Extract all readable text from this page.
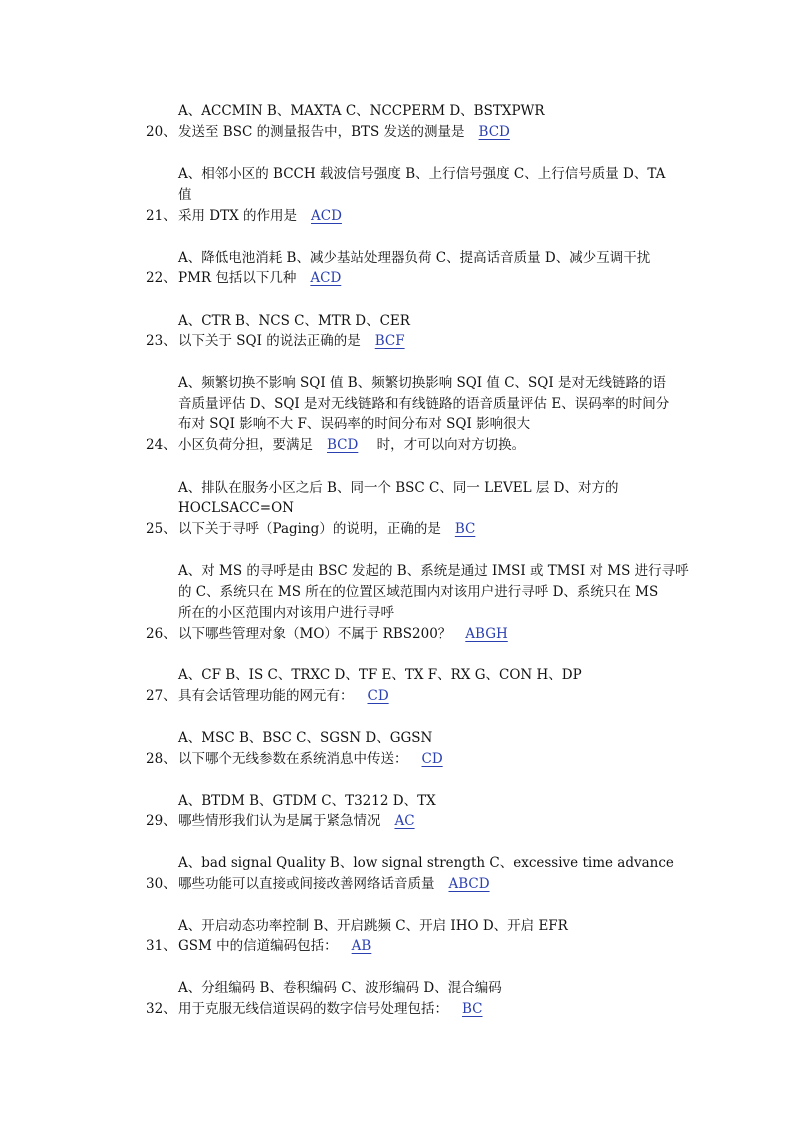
A、ACCMIN B、MAXTA C、NCCPERM D、BSTXPWR
20、 发送至 BSC 的测量报告中，BTS 发送的测量是 BCD
A、相邻小区的 BCCH 载波信号强度 B、上行信号强度 C、上行信号质量 D、TA
值
21、 采用 DTX 的作用是 ACD
A、降低电池消耗 B、减少基站处理器负荷 C、提高话音质量 D、减少互调干扰
22、 PMR 包括以下几种 ACD
A、CTR B、NCS C、MTR D、CER
23、 以下关于 SQI 的说法正确的是 BCF
A、频繁切换不影响 SQI 值 B、频繁切换影响 SQI 值 C、SQI 是对无线链路的语
音质量评估 D、SQI 是对无线链路和有线链路的语音质量评估 E、误码率的时间分
布对 SQI 影响不大 F、误码率的时间分布对 SQI 影响很大
24、 小区负荷分担，要满足 BCD 时，才可以向对方切换。
A、排队在服务小区之后 B、同一个 BSC C、同一 LEVEL 层 D、对方的
HOCLSACC=ON
25、 以下关于寻呼（Paging）的说明，正确的是 BC
A、对 MS 的寻呼是由 BSC 发起的 B、系统是通过 IMSI 或 TMSI 对 MS 进行寻呼
的 C、系统只在 MS 所在的位置区域范围内对该用户进行寻呼 D、系统只在 MS
所在的小区范围内对该用户进行寻呼
26、 以下哪些管理对象（MO）不属于 RBS200？ ABGH
A、CF B、IS C、TRXC D、TF E、TX F、RX G、CON H、DP
27、 具有会话管理功能的网元有： CD
A、MSC B、BSC C、SGSN D、GGSN
28、 以下哪个无线参数在系统消息中传送： CD
A、BTDM B、GTDM C、T3212 D、TX
29、 哪些情形我们认为是属于紧急情况 AC
A、bad signal Quality B、low signal strength C、excessive time advance
30、 哪些功能可以直接或间接改善网络话音质量 ABCD
A、开启动态功率控制 B、开启跳频 C、开启 IHO D、开启 EFR
31、 GSM 中的信道编码包括： AB
A、分组编码 B、卷积编码 C、波形编码 D、混合编码
32、 用于克服无线信道误码的数字信号处理包括： BC
